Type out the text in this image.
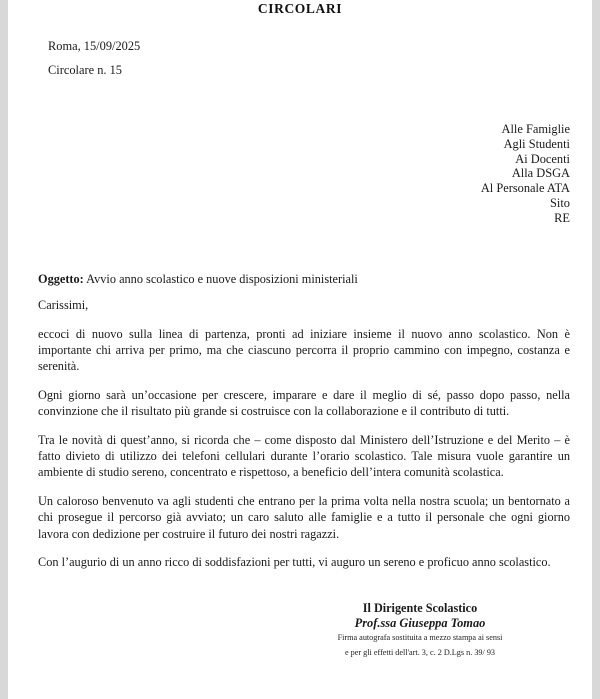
CIRCOLARI
Roma, 15/09/2025
Circolare n. 15
Alle Famiglie
Agli Studenti
Ai Docenti
Alla DSGA
Al Personale ATA
Sito
RE
Oggetto: Avvio anno scolastico e nuove disposizioni ministeriali
Carissimi,

eccoci di nuovo sulla linea di partenza, pronti ad iniziare insieme il nuovo anno scolastico. Non è importante chi arriva per primo, ma che ciascuno percorra il proprio cammino con impegno, costanza e serenità.

Ogni giorno sarà un’occasione per crescere, imparare e dare il meglio di sé, passo dopo passo, nella convinzione che il risultato più grande si costruisce con la collaborazione e il contributo di tutti.

Tra le novità di quest’anno, si ricorda che – come disposto dal Ministero dell’Istruzione e del Merito – è fatto divieto di utilizzo dei telefoni cellulari durante l’orario scolastico. Tale misura vuole garantire un ambiente di studio sereno, concentrato e rispettoso, a beneficio dell’intera comunità scolastica.

Un caloroso benvenuto va agli studenti che entrano per la prima volta nella nostra scuola; un bentornato a chi prosegue il percorso già avviato; un caro saluto alle famiglie e a tutto il personale che ogni giorno lavora con dedizione per costruire il futuro dei nostri ragazzi.

Con l’augurio di un anno ricco di soddisfazioni per tutti, vi auguro un sereno e proficuo anno scolastico.

Il Dirigente Scolastico
Prof.ssa Giuseppa Tomao
Firma autografa sostituita a mezzo stampa ai sensi
e per gli effetti dell'art. 3, c. 2 D.Lgs n. 39/ 93
